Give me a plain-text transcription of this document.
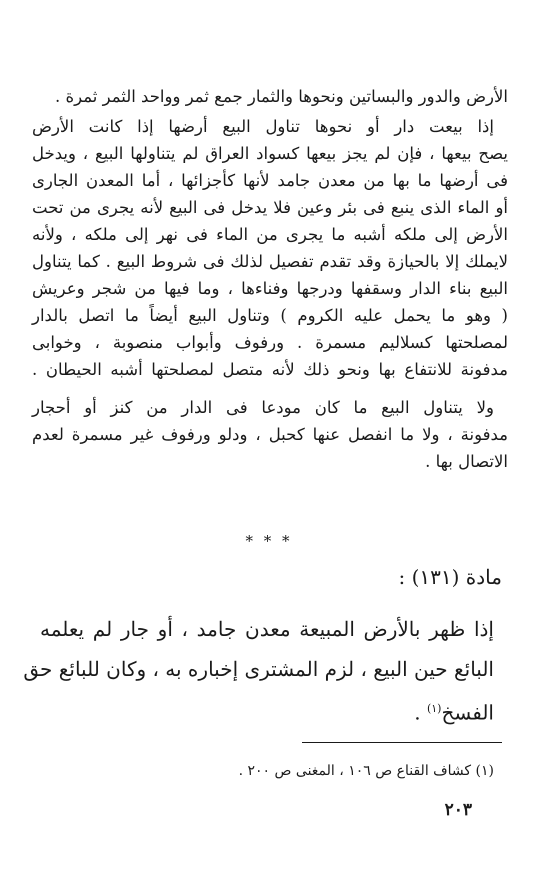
الأرض والدور والبساتين ونحوها والثمار جمع ثمر وواحد الثمر ثمرة .
إذا بيعت دار أو نحوها تناول البيع أرضها إذا كانت الأرض
يصح بيعها ، فإن لم يجز بيعها كسواد العراق لم يتناولها البيع ، ويدخل
فى أرضها ما بها من معدن جامد لأنها كأجزائها ، أما المعدن الجارى
أو الماء الذى ينبع فى بئر وعين فلا يدخل فى البيع لأنه يجرى من تحت
الأرض إلى ملكه أشبه ما يجرى من الماء فى نهر إلى ملكه ، ولأنه
لايملك إلا بالحيازة وقد تقدم تفصيل لذلك فى شروط البيع . كما يتناول
البيع بناء الدار وسقفها ودرجها وفناءها ، وما فيها من شجر وعريش
( وهو ما يحمل عليه الكروم ) وتناول البيع أيضاً ما اتصل بالدار
لمصلحتها كسلاليم مسمرة . ورفوف وأبواب منصوبة ، وخوابى
مدفونة للانتفاع بها ونحو ذلك لأنه متصل لمصلحتها أشبه الحيطان .
ولا يتناول البيع ما كان مودعا فى الدار من كنز أو أحجار
مدفونة ، ولا ما انفصل عنها كحبل ، ودلو ورفوف غير مسمرة لعدم
الاتصال بها .
* * *
مادة (١٣١) :
إذا ظهر بالأرض المبيعة معدن جامد ، أو جار لم يعلمه
البائع حين البيع ، لزم المشترى إخباره به ، وكان للبائع حق
الفسخ$^{(١)}$ .
(١) كشاف القناع ص ١٠٦ ، المغنى ص ٢٠٠ .
٢٠٣
